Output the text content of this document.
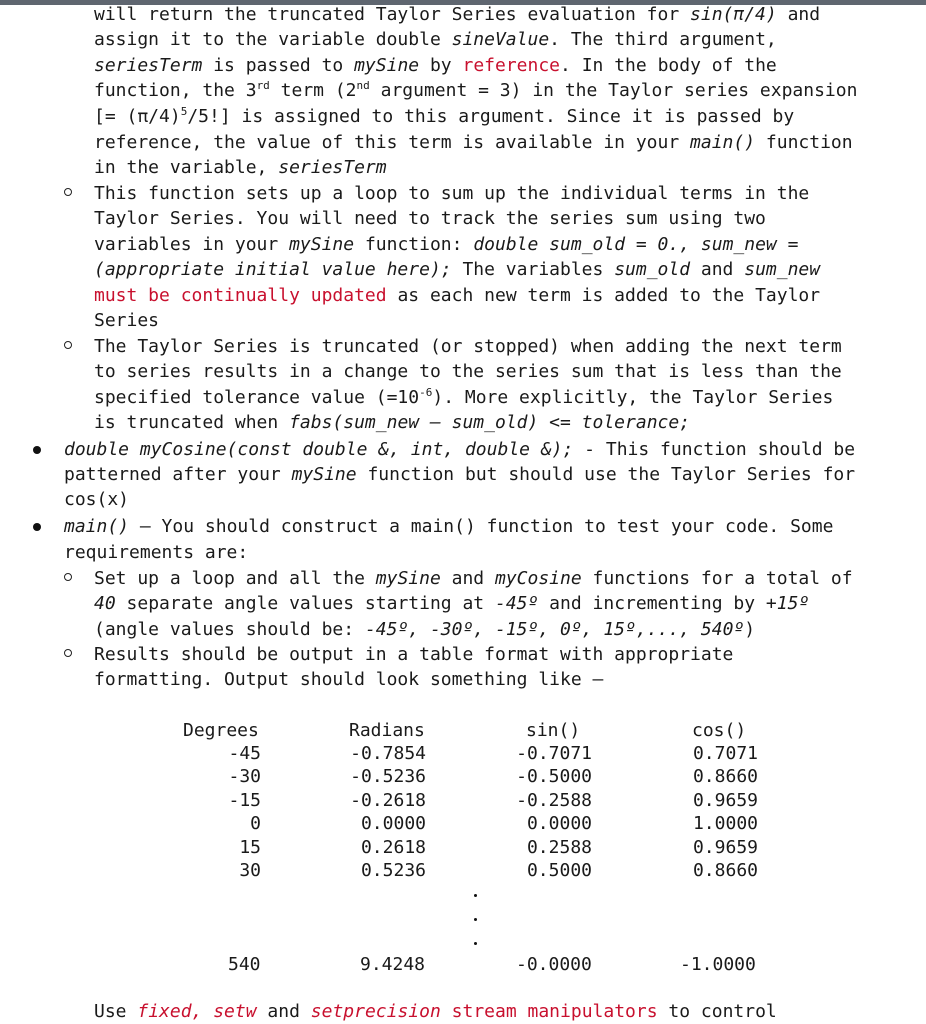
will return the truncated Taylor Series evaluation for sin(π/4) and
assign it to the variable double sineValue. The third argument,
seriesTerm is passed to mySine by reference. In the body of the
function, the 3rd term (2nd argument = 3) in the Taylor series expansion
[= $(\pi/4)^5/5$!] is assigned to this argument. Since it is passed by
reference, the value of this term is available in your main() function
in the variable, seriesTerm
This function sets up a loop to sum up the individual terms in the
Taylor Series. You will need to track the series sum using two
variables in your mySine function: double sum_old = 0., sum_new =
(appropriate initial value here); The variables sum_old and sum_new
must be continually updated as each new term is added to the Taylor
Series
The Taylor Series is truncated (or stopped) when adding the next term
to series results in a change to the series sum that is less than the
specified tolerance value $(=10^{-6})$. More explicitly, the Taylor Series
is truncated when fabs(sum_new – sum_old) <= tolerance;
double myCosine(const double &, int, double &); - This function should be
patterned after your mySine function but should use the Taylor Series for
cos(x)
main() – You should construct a main() function to test your code. Some
requirements are:
Set up a loop and all the mySine and myCosine functions for a total of
40 separate angle values starting at -45º and incrementing by +15º
(angle values should be: -45º, -30º, -15º, 0º, 15º,..., 540º)
Results should be output in a table format with appropriate
formatting. Output should look something like –
Degrees	Radians	sin()	cos()
-45	-0.7854	-0.7071	0.7071
-30	-0.5236	-0.5000	0.8660
-15	-0.2618	-0.2588	0.9659
0	0.0000	0.0000	1.0000
15	0.2618	0.2588	0.9659
30	0.5236	0.5000	0.8660
540	9.4248	-0.0000	-1.0000
Use fixed, setw and setprecision stream manipulators to control
